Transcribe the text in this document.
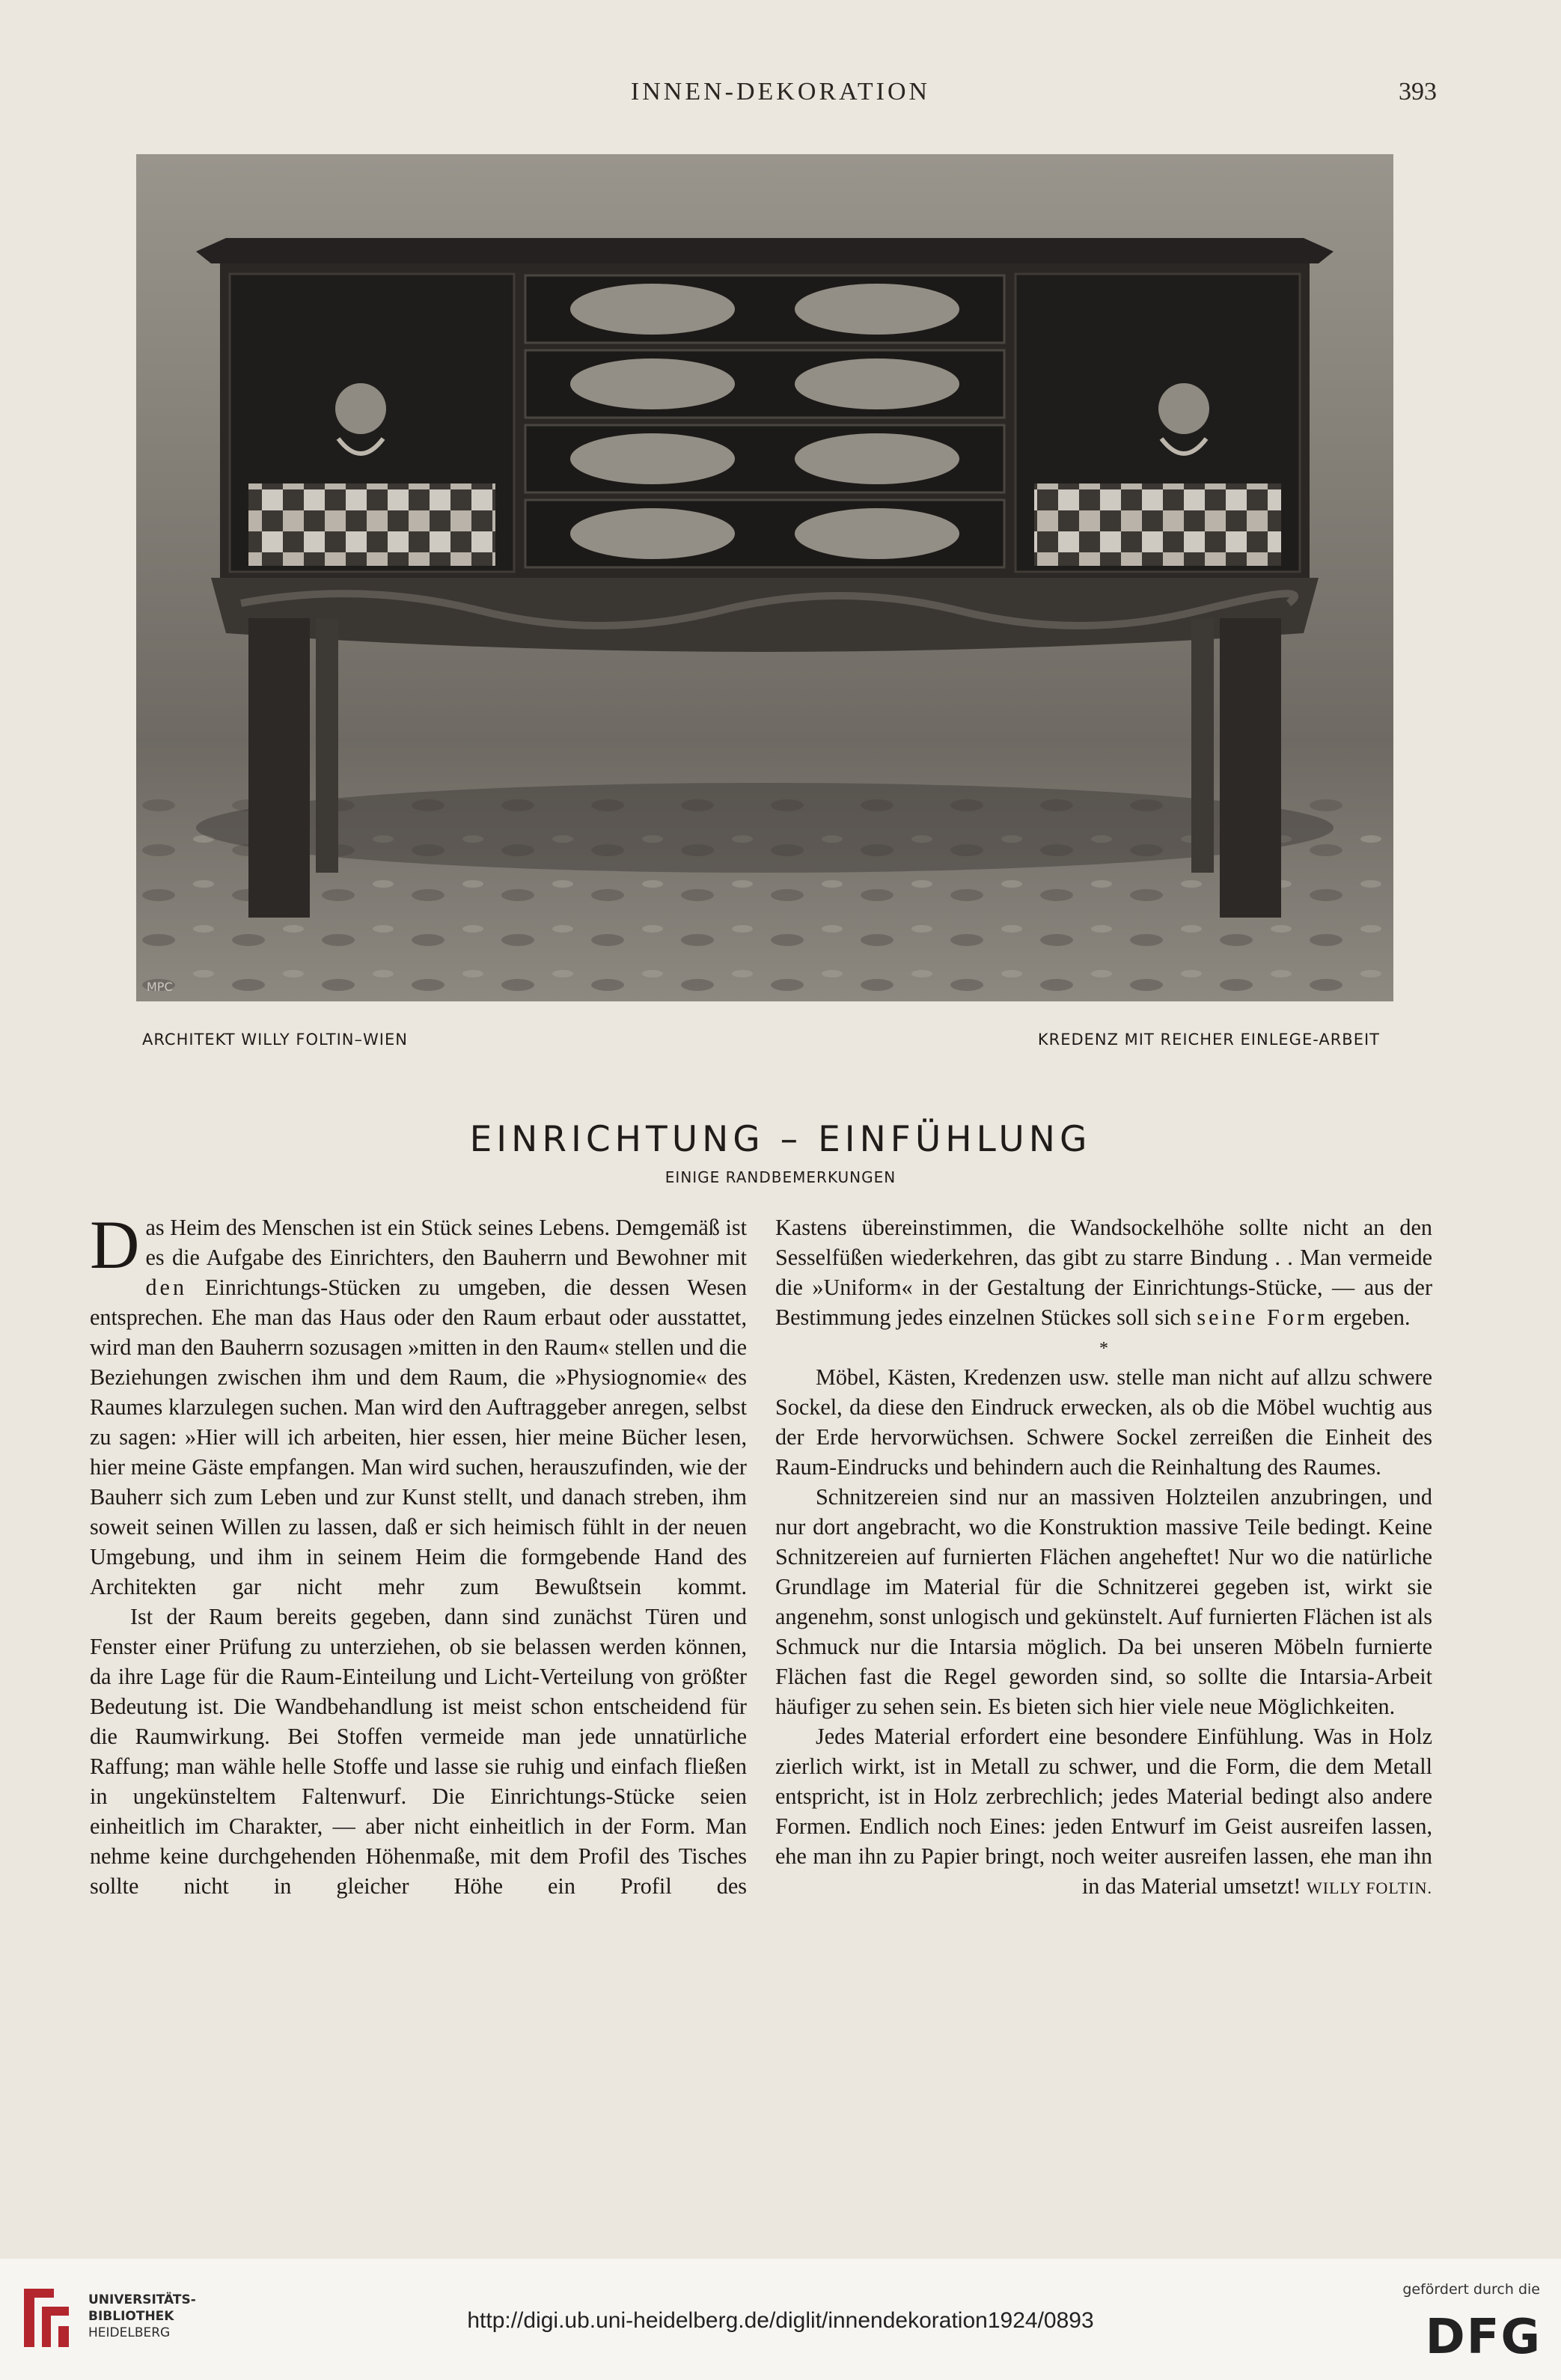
INNEN-DEKORATION	393
MPC
ARCHITEKT WILLY FOLTIN–WIEN	KREDENZ MIT REICHER EINLEGE-ARBEIT
EINRICHTUNG – EINFÜHLUNG
EINIGE RANDBEMERKUNGEN

Das Heim des Menschen ist ein Stück seines Lebens. Demgemäß ist es die Aufgabe des Einrichters, den Bauherrn und Bewohner mit den Einrichtungs-Stücken zu umgeben, die dessen Wesen entsprechen. Ehe man das Haus oder den Raum erbaut oder ausstattet, wird man den Bauherrn sozusagen »mitten in den Raum« stellen und die Beziehungen zwischen ihm und dem Raum, die »Physiognomie« des Raumes klarzulegen suchen. Man wird den Auftraggeber anregen, selbst zu sagen: »Hier will ich arbeiten, hier essen, hier meine Bücher lesen, hier meine Gäste empfangen. Man wird suchen, herauszufinden, wie der Bauherr sich zum Leben und zur Kunst stellt, und danach streben, ihm soweit seinen Willen zu lassen, daß er sich heimisch fühlt in der neuen Umgebung, und ihm in seinem Heim die formgebende Hand des Architekten gar nicht mehr zum Bewußtsein kommt.

Ist der Raum bereits gegeben, dann sind zunächst Türen und Fenster einer Prüfung zu unterziehen, ob sie belassen werden können, da ihre Lage für die Raum-Einteilung und Licht-Verteilung von größter Bedeutung ist. Die Wandbehandlung ist meist schon entscheidend für die Raumwirkung. Bei Stoffen vermeide man jede unnatürliche Raffung; man wähle helle Stoffe und lasse sie ruhig und einfach fließen in ungekünsteltem Faltenwurf. Die Einrichtungs-Stücke seien einheitlich im Charakter, — aber nicht einheitlich in der Form. Man nehme keine durchgehenden Höhenmaße, mit dem Profil des Tisches sollte nicht in gleicher Höhe ein Profil des

Kastens übereinstimmen, die Wandsockelhöhe sollte nicht an den Sesselfüßen wiederkehren, das gibt zu starre Bindung . . Man vermeide die »Uniform« in der Gestaltung der Einrichtungs-Stücke, — aus der Bestimmung jedes einzelnen Stückes soll sich seine Form ergeben.

*

Möbel, Kästen, Kredenzen usw. stelle man nicht auf allzu schwere Sockel, da diese den Eindruck erwecken, als ob die Möbel wuchtig aus der Erde hervorwüchsen. Schwere Sockel zerreißen die Einheit des Raum-Eindrucks und behindern auch die Reinhaltung des Raumes.

Schnitzereien sind nur an massiven Holzteilen anzubringen, und nur dort angebracht, wo die Konstruktion massive Teile bedingt. Keine Schnitzereien auf furnierten Flächen angeheftet! Nur wo die natürliche Grundlage im Material für die Schnitzerei gegeben ist, wirkt sie angenehm, sonst unlogisch und gekünstelt. Auf furnierten Flächen ist als Schmuck nur die Intarsia möglich. Da bei unseren Möbeln furnierte Flächen fast die Regel geworden sind, so sollte die Intarsia-Arbeit häufiger zu sehen sein. Es bieten sich hier viele neue Möglichkeiten.

Jedes Material erfordert eine besondere Einfühlung. Was in Holz zierlich wirkt, ist in Metall zu schwer, und die Form, die dem Metall entspricht, ist in Holz zerbrechlich; jedes Material bedingt also andere Formen. Endlich noch Eines: jeden Entwurf im Geist ausreifen lassen, ehe man ihn zu Papier bringt, noch weiter ausreifen lassen, ehe man ihn in das Material umsetzt! WILLY FOLTIN.

UNIVERSITÄTS-
BIBLIOTHEK
HEIDELBERG	http://digi.ub.uni-heidelberg.de/diglit/innendekoration1924/0893
gefördert durch die
DFG
